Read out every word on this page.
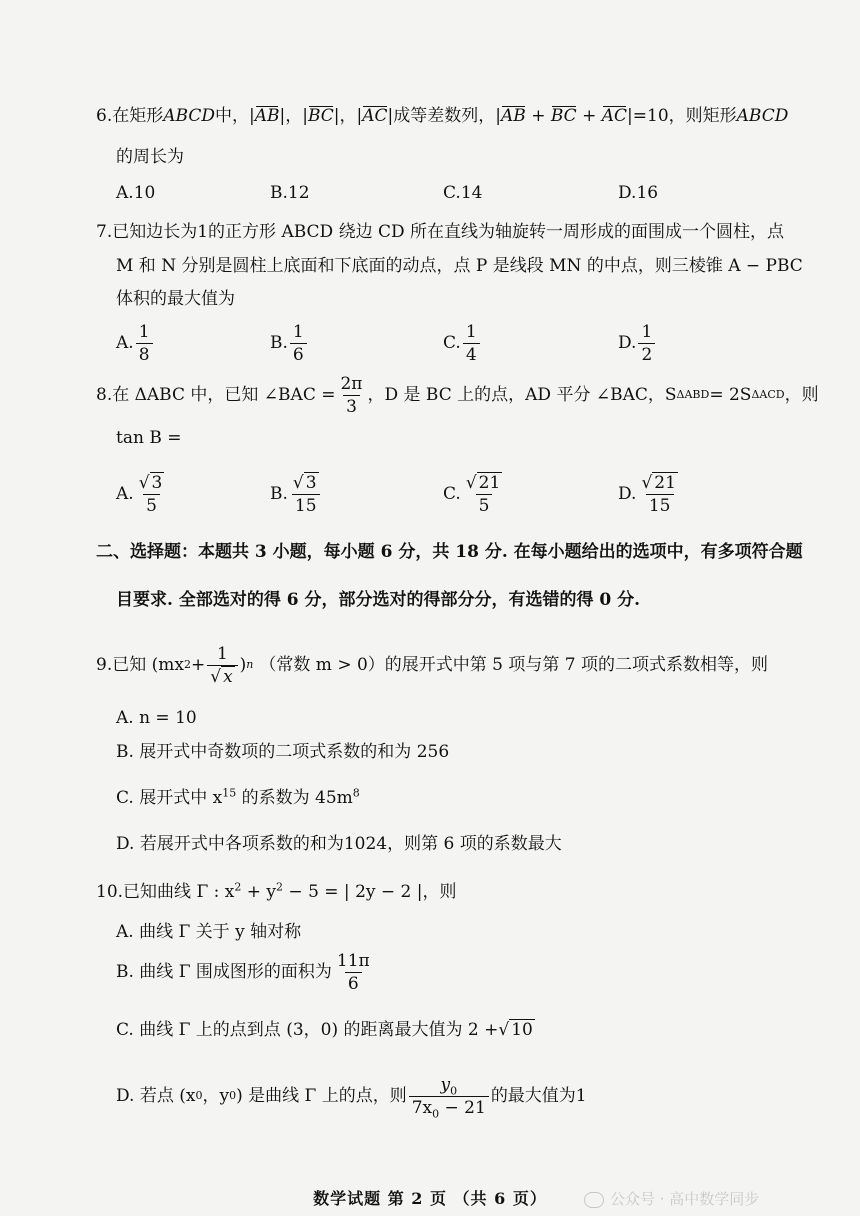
6.在矩形ABCD中，|AB|，|BC|，|AC|成等差数列，|AB + BC + AC|=10，则矩形ABCD
的周长为
A. 10	B. 12	C. 14	D. 16
7.已知边长为1的正方形 ABCD 绕边 CD 所在直线为轴旋转一周形成的面围成一个圆柱，点
M 和 N 分别是圆柱上底面和下底面的动点，点 P 是线段 MN 的中点，则三棱锥 A − PBC
体积的最大值为
A. $\frac{1}{8}$	B. $\frac{1}{6}$	C. $\frac{1}{4}$	D. $\frac{1}{2}$
8.在 ΔABC 中，已知 ∠BAC = $\frac{2\pi}{3}$ ，D 是 BC 上的点，AD 平分 ∠BAC，S ΔABD = 2S ΔACD ，则
tan B =
A. $\frac{√ 3}{5}$	B. $\frac{√ 3}{15}$	C. $\frac{√ 21}{5}$	D. $\frac{√ 21}{15}$
二、选择题：本题共 3 小题，每小题 6 分，共 18 分. 在每小题给出的选项中，有多项符合题
目要求. 全部选对的得 6 分，部分选对的得部分分，有选错的得 0 分.
9.已知 (mx $2 + \frac{1}{√ x}$ ) n （常数 m > 0）的展开式中第 5 项与第 7 项的二项式系数相等，则
A. n = 10
B. 展开式中奇数项的二项式系数的和为 256
C. 展开式中 $x^{15}$ 的系数为 $45m^8$
D. 若展开式中各项系数的和为1024，则第 6 项的系数最大
10.已知曲线 Γ : $x^2 + y^2 - 5$ = | 2y − 2 |，则
A. 曲线 Γ 关于 y 轴对称
B. 曲线 Γ 围成图形的面积为 $\frac{11\pi}{6}$
C. 曲线 Γ 上的点到点 (3，0) 的距离最大值为 2 +√ 10
D. 若点 (x 0 ，y 0 ) 是曲线 Γ 上的点，则 $\frac{y_0}{7x_0 - 21}$ 的最大值为1
数学试题 第 2 页 （共 6 页）	公众号 · 高中数学同步
